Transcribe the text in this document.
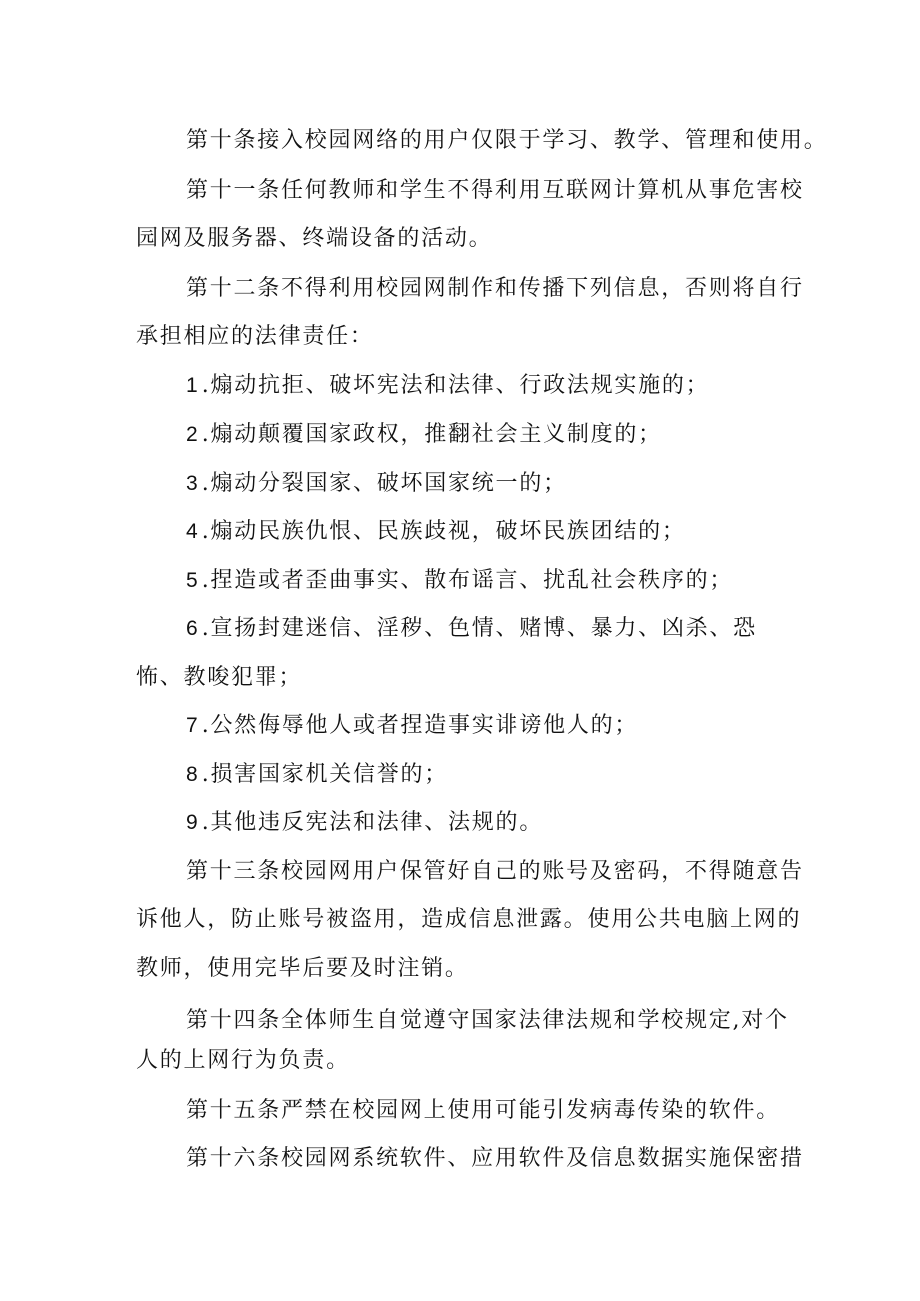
第十条接入校园网络的用户仅限于学习、教学、管理和使用。
第十一条任何教师和学生不得利用互联网计算机从事危害校
园网及服务器、终端设备的活动。
第十二条不得利用校园网制作和传播下列信息，否则将自行
承担相应的法律责任：
1 .煽动抗拒、破坏宪法和法律、行政法规实施的；
2 .煽动颠覆国家政权，推翻社会主义制度的；
3 .煽动分裂国家、破坏国家统一的；
4 .煽动民族仇恨、民族歧视，破坏民族团结的；
5 .捏造或者歪曲事实、散布谣言、扰乱社会秩序的；
6 .宣扬封建迷信、淫秽、色情、赌博、暴力、凶杀、恐
怖、教唆犯罪；
7 .公然侮辱他人或者捏造事实诽谤他人的；
8 .损害国家机关信誉的；
9 .其他违反宪法和法律、法规的。
第十三条校园网用户保管好自己的账号及密码，不得随意告
诉他人，防止账号被盗用，造成信息泄露。使用公共电脑上网的
教师，使用完毕后要及时注销。
第十四条全体师生自觉遵守国家法律法规和学校规定,对个
人的上网行为负责。
第十五条严禁在校园网上使用可能引发病毒传染的软件。
第十六条校园网系统软件、应用软件及信息数据实施保密措
